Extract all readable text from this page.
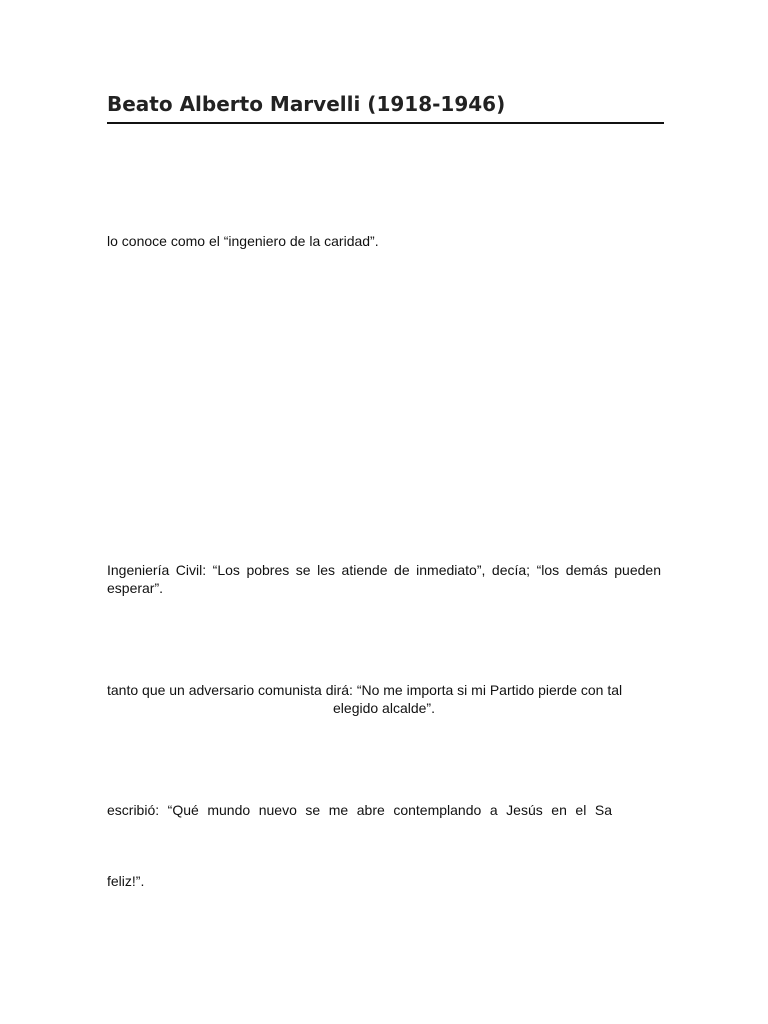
Beato Alberto Marvelli (1918-1946)

lo conoce como el “ingeniero de la caridad”.

Ingeniería Civil: “Los pobres se les atiende de inmediato”, decía; “los demás pueden esperar”.

tanto que un adversario comunista dirá: “No me importa si mi Partido pierde con tal
elegido alcalde”.

escribió: “Qué mundo nuevo se me abre contemplando a Jesús en el Sa

feliz!”.
